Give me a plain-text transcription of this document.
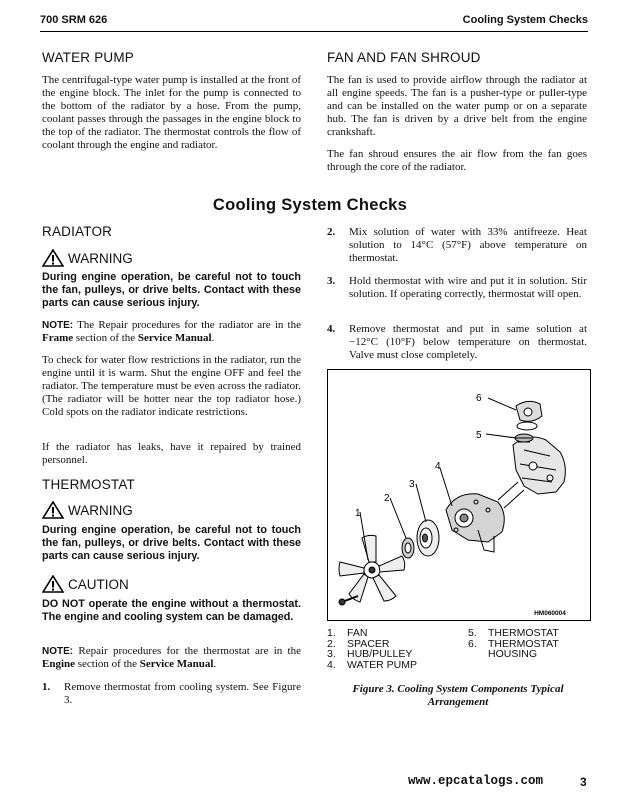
700 SRM 626	Cooling System Checks
WATER PUMP

The centrifugal-type water pump is installed at the front of the engine block. The inlet for the pump is connected to the bottom of the radiator by a hose. From the pump, coolant passes through the passages in the engine block to the top of the radiator. The thermostat controls the flow of coolant through the engine and radiator.

FAN AND FAN SHROUD

The fan is used to provide airflow through the radiator at all engine speeds. The fan is a pusher-type or puller-type and can be installed on the water pump or on a separate hub. The fan is driven by a drive belt from the engine crankshaft.

The fan shroud ensures the air flow from the fan goes through the core of the radiator.

Cooling System Checks
RADIATOR
WARNING

During engine operation, be careful not to touch the fan, pulleys, or drive belts. Contact with these parts can cause serious injury.

NOTE: The Repair procedures for the radiator are in the Frame section of the Service Manual.

To check for water flow restrictions in the radiator, run the engine until it is warm. Shut the engine OFF and feel the radiator. The temperature must be even across the radiator. (The radiator will be hotter near the top radiator hose.) Cold spots on the radiator indicate restrictions.

If the radiator has leaks, have it repaired by trained personnel.

THERMOSTAT
WARNING

During engine operation, be careful not to touch the fan, pulleys, or drive belts. Contact with these parts can cause serious injury.

CAUTION

DO NOT operate the engine without a thermostat. The engine and cooling system can be damaged.

NOTE: Repair procedures for the thermostat are in the Engine section of the Service Manual.

1.	Remove thermostat from cooling system. See Figure 3.
2.	Mix solution of water with 33% antifreeze. Heat solution to 14°C (57°F) above temperature on thermostat.
3.	Hold thermostat with wire and put it in solution. Stir solution. If operating correctly, thermostat will open.
4.	Remove thermostat and put in same solution at −12°C (10°F) below temperature on thermostat. Valve must close completely.
6
5
4
3
2
1
HM060004
1.	FAN
2.	SPACER
3.	HUB/PULLEY
4.	WATER PUMP
5.	THERMOSTAT
6.	THERMOSTAT HOUSING
Figure 3. Cooling System Components Typical Arrangement
www.epcatalogs.com	3
